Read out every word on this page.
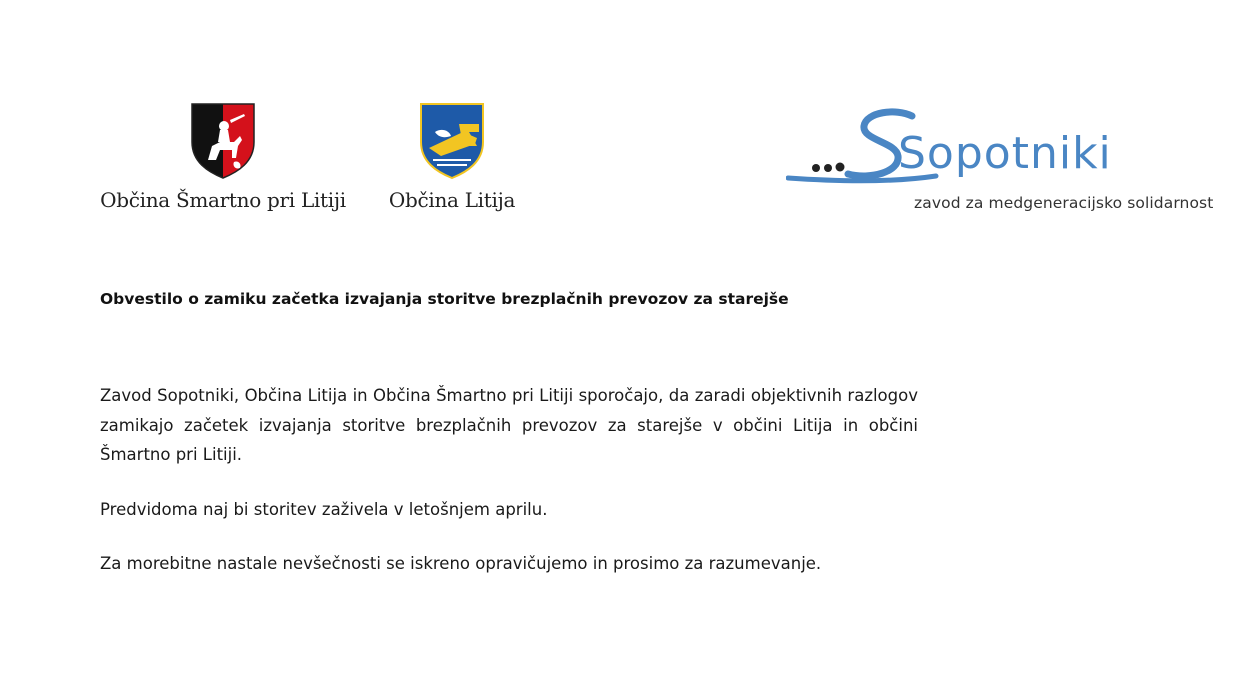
Občina Šmartno pri Litiji	Občina Litija
Sopotniki
zavod za medgeneracijsko solidarnost
Obvestilo o zamiku začetka izvajanja storitve brezplačnih prevozov za starejše

Zavod Sopotniki, Občina Litija in Občina Šmartno pri Litiji sporočajo, da zaradi objektivnih razlogov zamikajo začetek izvajanja storitve brezplačnih prevozov za starejše v občini Litija in občini Šmartno pri Litiji.

Predvidoma naj bi storitev zaživela v letošnjem aprilu.

Za morebitne nastale nevšečnosti se iskreno opravičujemo in prosimo za razumevanje.
